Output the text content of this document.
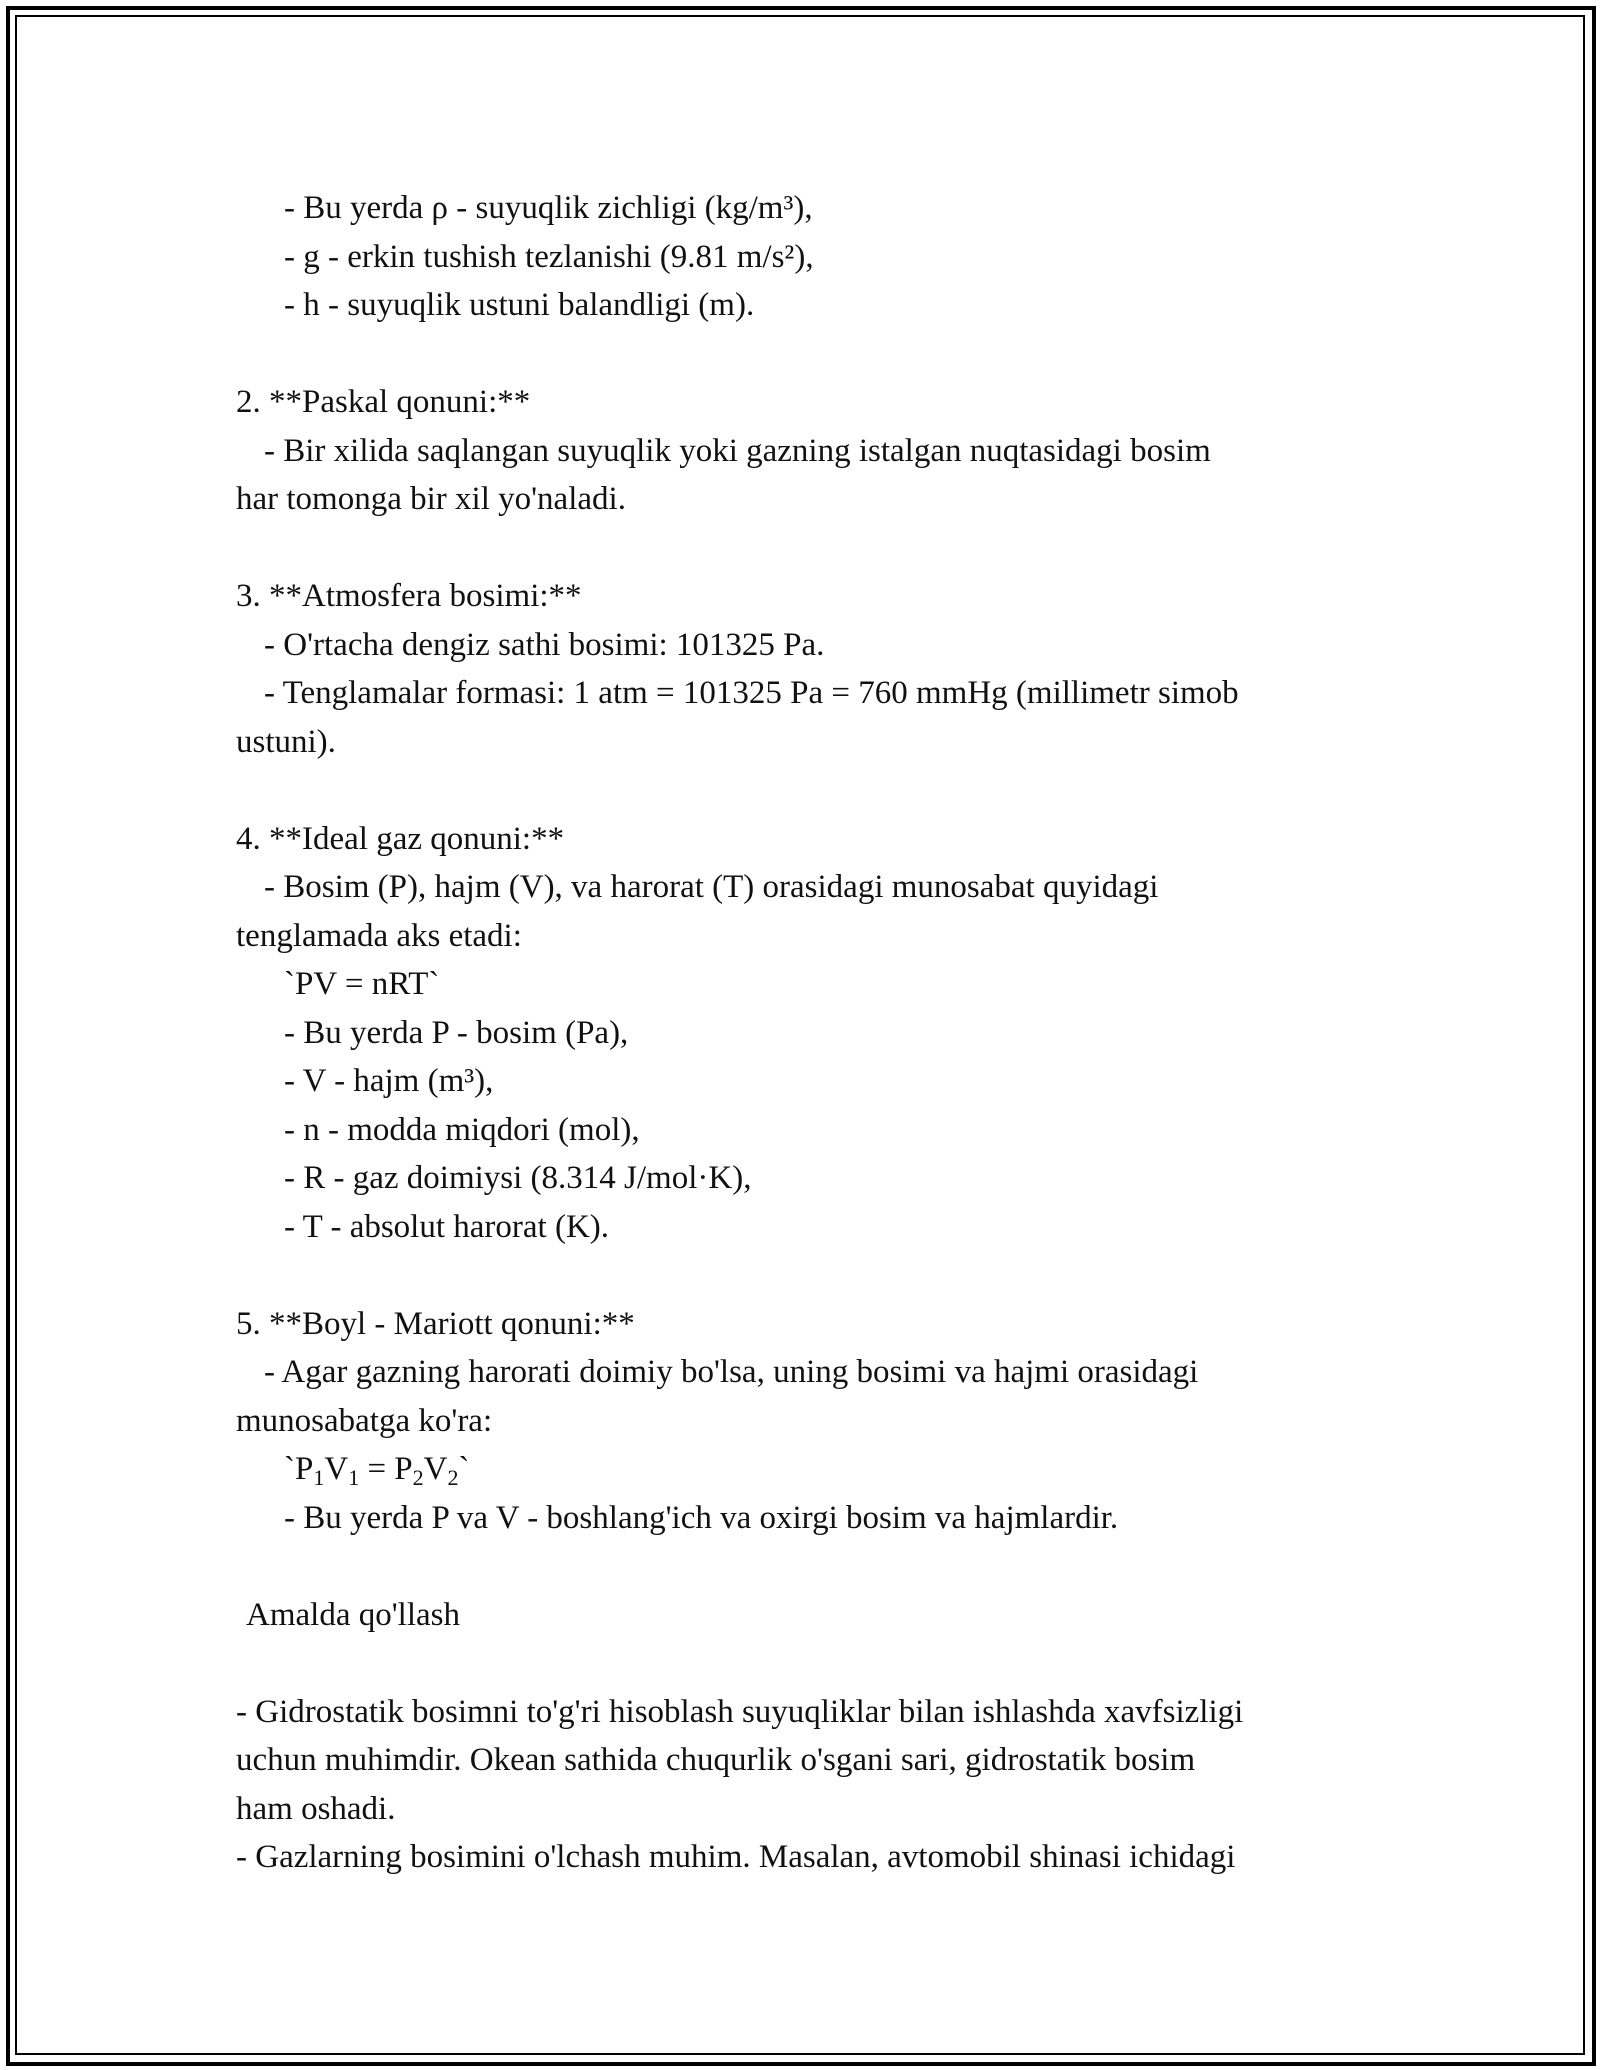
- Bu yerda ρ - suyuqlik zichligi (kg/m³),
- g - erkin tushish tezlanishi (9.81 m/s²),
- h - suyuqlik ustuni balandligi (m).
2. **Paskal qonuni:**
- Bir xilida saqlangan suyuqlik yoki gazning istalgan nuqtasidagi bosim
har tomonga bir xil yo'naladi.
3. **Atmosfera bosimi:**
- O'rtacha dengiz sathi bosimi: 101325 Pa.
- Tenglamalar formasi: 1 atm = 101325 Pa = 760 mmHg (millimetr simob
ustuni).
4. **Ideal gaz qonuni:**
- Bosim (P), hajm (V), va harorat (T) orasidagi munosabat quyidagi
tenglamada aks etadi:
`PV = nRT`
- Bu yerda P - bosim (Pa),
- V - hajm (m³),
- n - modda miqdori (mol),
- R - gaz doimiysi (8.314 J/mol·K),
- T - absolut harorat (K).
5. **Boyl - Mariott qonuni:**
- Agar gazning harorati doimiy bo'lsa, uning bosimi va hajmi orasidagi
munosabatga ko'ra:
$`P_1V_1$ = $P_2V_2`$
- Bu yerda P va V - boshlang'ich va oxirgi bosim va hajmlardir.
Amalda qo'llash
- Gidrostatik bosimni to'g'ri hisoblash suyuqliklar bilan ishlashda xavfsizligi
uchun muhimdir. Okean sathida chuqurlik o'sgani sari, gidrostatik bosim
ham oshadi.
- Gazlarning bosimini o'lchash muhim. Masalan, avtomobil shinasi ichidagi
